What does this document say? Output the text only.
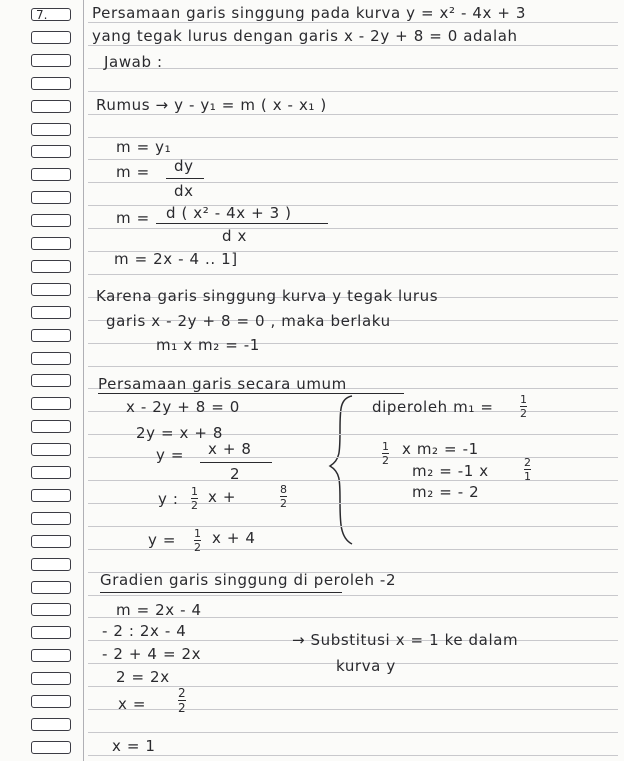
7.	Persamaan garis singgung pada kurva y = x² - 4x + 3
yang tegak lurus dengan garis x - 2y + 8 = 0 adalah
Jawab :
Rumus → y - y₁ = m ( x - x₁ )
m = y₁
m = dy
dx
m = d ( x² - 4x + 3 )
d x
m = 2x - 4 .. 1]
Karena garis singgung kurva y tegak lurus
garis x - 2y + 8 = 0 , maka berlaku
m₁ x m₂ = -1
Persamaan garis secara umum
x - 2y + 8 = 0
2y = x + 8
y = x + 8
2
y : 1
2 x +	8
2
y = 1
2
x + 4
diperoleh m₁ = 1
2
1
2
x m₂ = -1
m₂ = -1 x	2
1
m₂ = - 2
Gradien garis singgung di peroleh -2
m = 2x - 4
- 2 : 2x - 4
- 2 + 4 = 2x
→ Substitusi x = 1 ke dalam
kurva y
2 = 2x
x =
2
2
x = 1
